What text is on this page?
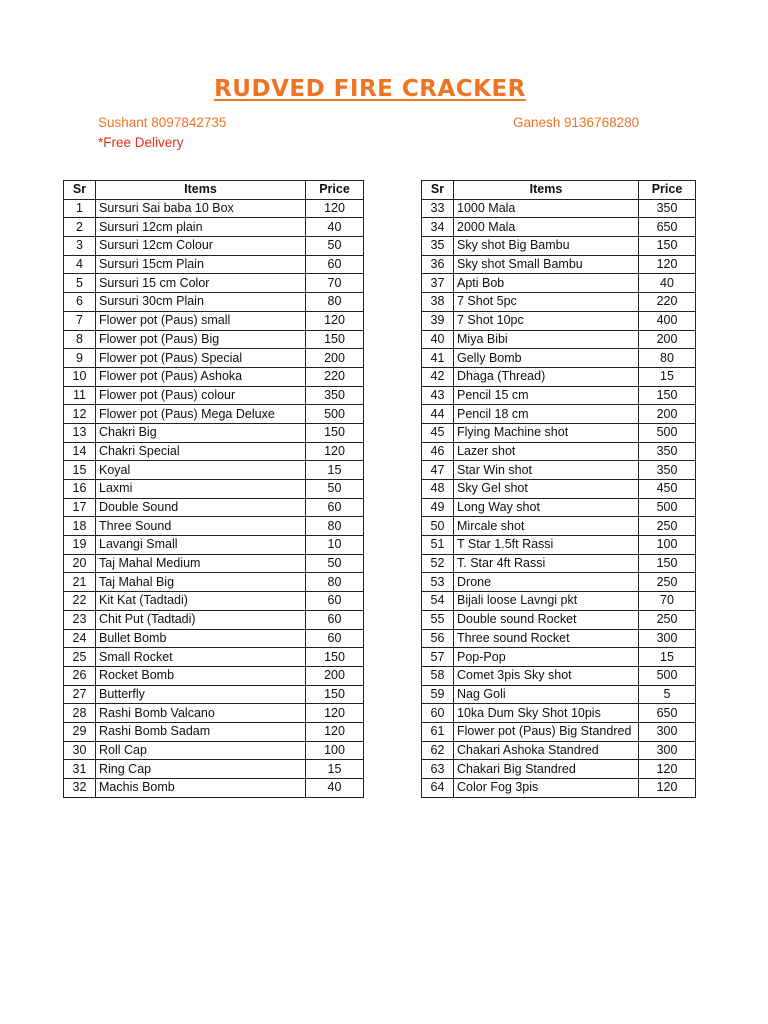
RUDVED FIRE CRACKER
Sushant 8097842735	Ganesh 9136768280
*Free Delivery
Sr	Items	Price
1	Sursuri Sai baba 10 Box	120
2	Sursuri 12cm plain	40
3	Sursuri 12cm Colour	50
4	Sursuri 15cm Plain	60
5	Sursuri 15 cm Color	70
6	Sursuri 30cm Plain	80
7	Flower pot (Paus) small	120
8	Flower pot (Paus) Big	150
9	Flower pot (Paus) Special	200
10	Flower pot (Paus) Ashoka	220
11	Flower pot (Paus) colour	350
12	Flower pot (Paus) Mega Deluxe	500
13	Chakri Big	150
14	Chakri Special	120
15	Koyal	15
16	Laxmi	50
17	Double Sound	60
18	Three Sound	80
19	Lavangi Small	10
20	Taj Mahal Medium	50
21	Taj Mahal Big	80
22	Kit Kat (Tadtadi)	60
23	Chit Put (Tadtadi)	60
24	Bullet Bomb	60
25	Small Rocket	150
26	Rocket Bomb	200
27	Butterfly	150
28	Rashi Bomb Valcano	120
29	Rashi Bomb Sadam	120
30	Roll Cap	100
31	Ring Cap	15
32	Machis Bomb	40
Sr	Items	Price
33	1000 Mala	350
34	2000 Mala	650
35	Sky shot Big Bambu	150
36	Sky shot Small Bambu	120
37	Apti Bob	40
38	7 Shot 5pc	220
39	7 Shot 10pc	400
40	Miya Bibi	200
41	Gelly Bomb	80
42	Dhaga (Thread)	15
43	Pencil 15 cm	150
44	Pencil 18 cm	200
45	Flying Machine shot	500
46	Lazer shot	350
47	Star Win shot	350
48	Sky Gel shot	450
49	Long Way shot	500
50	Mircale shot	250
51	T Star 1.5ft Rassi	100
52	T. Star 4ft Rassi	150
53	Drone	250
54	Bijali loose Lavngi pkt	70
55	Double sound Rocket	250
56	Three sound Rocket	300
57	Pop-Pop	15
58	Comet 3pis Sky shot	500
59	Nag Goli	5
60	10ka Dum Sky Shot 10pis	650
61	Flower pot (Paus) Big Standred	300
62	Chakari Ashoka Standred	300
63	Chakari Big Standred	120
64	Color Fog 3pis	120
